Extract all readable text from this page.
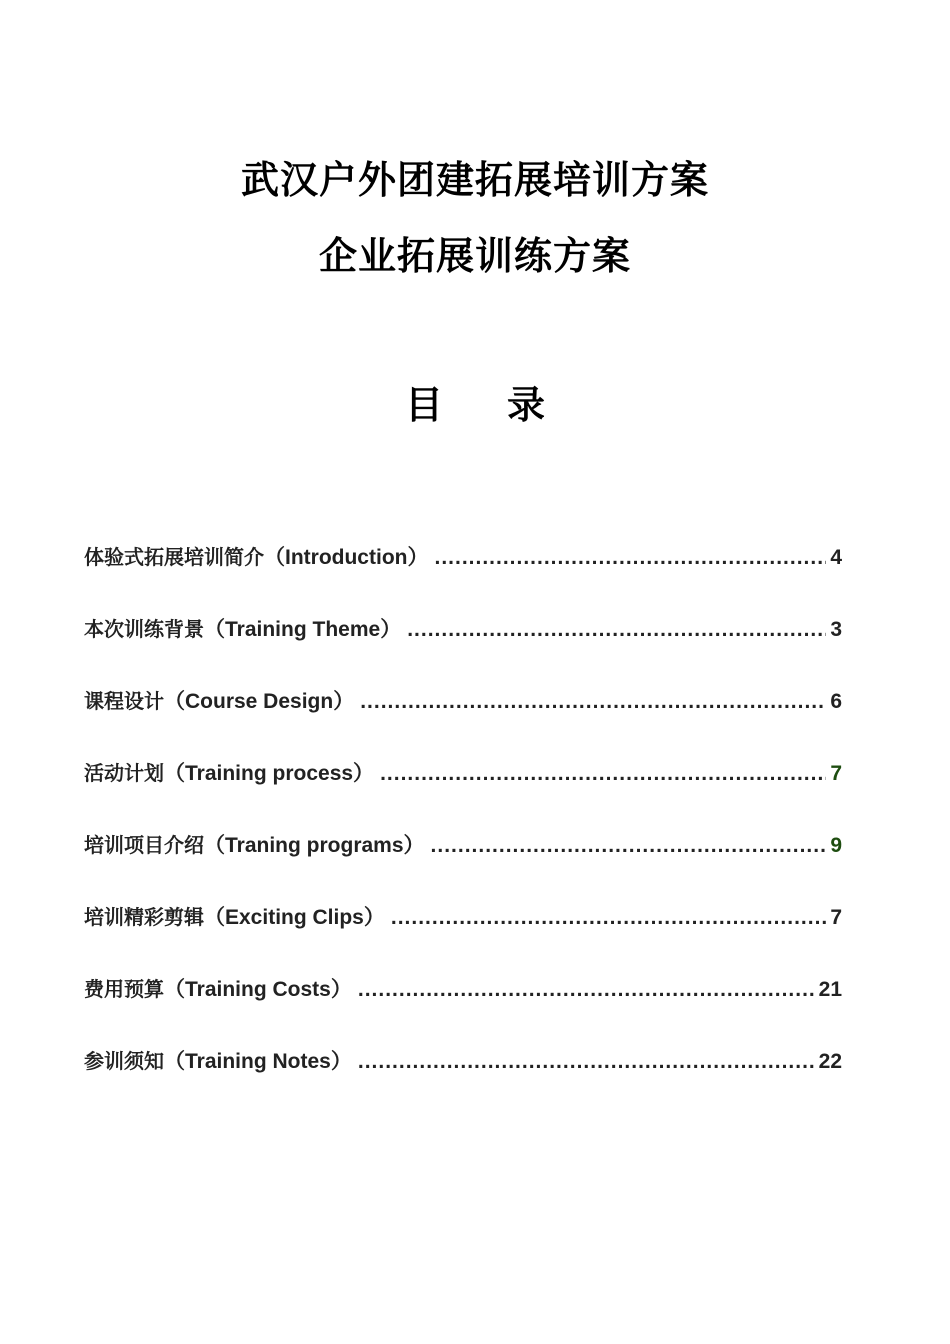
武汉户外团建拓展培训方案
企业拓展训练方案
目 录
体验式拓展培训简介（Introduction） .....	4
本次训练背景（Training Theme） .....	3
课程设计（Course Design） .....	6
活动计划（Training process） .....	7
培训项目介绍（Traning programs） .....	9
培训精彩剪辑（Exciting Clips） .....	7
费用预算（Training Costs） .....	21
参训须知（Training Notes） .....	22
